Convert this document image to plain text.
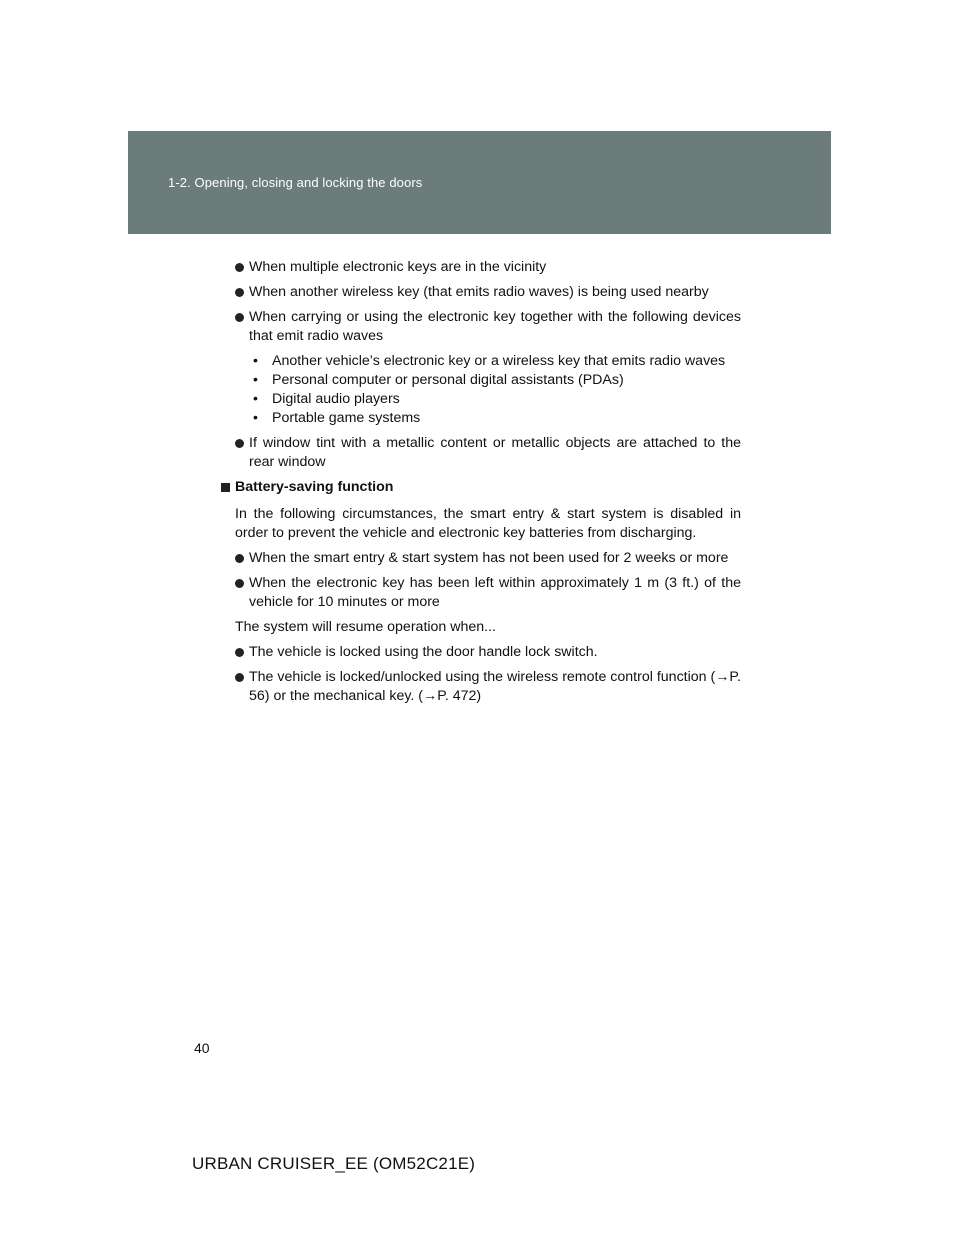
1-2. Opening, closing and locking the doors
When multiple electronic keys are in the vicinity
When another wireless key (that emits radio waves) is being used nearby
When carrying or using the electronic key together with the following devices that emit radio waves
• Another vehicle’s electronic key or a wireless key that emits radio waves
• Personal computer or personal digital assistants (PDAs)
• Digital audio players
• Portable game systems
If window tint with a metallic content or metallic objects are attached to the rear window
Battery-saving function
In the following circumstances, the smart entry & start system is disabled in order to prevent the vehicle and electronic key batteries from discharging.
When the smart entry & start system has not been used for 2 weeks or more
When the electronic key has been left within approximately 1 m (3 ft.) of the vehicle for 10 minutes or more
The system will resume operation when...
The vehicle is locked using the door handle lock switch.
The vehicle is locked/unlocked using the wireless remote control function (→P. 56) or the mechanical key. (→P. 472)
40
URBAN CRUISER_EE (OM52C21E)
